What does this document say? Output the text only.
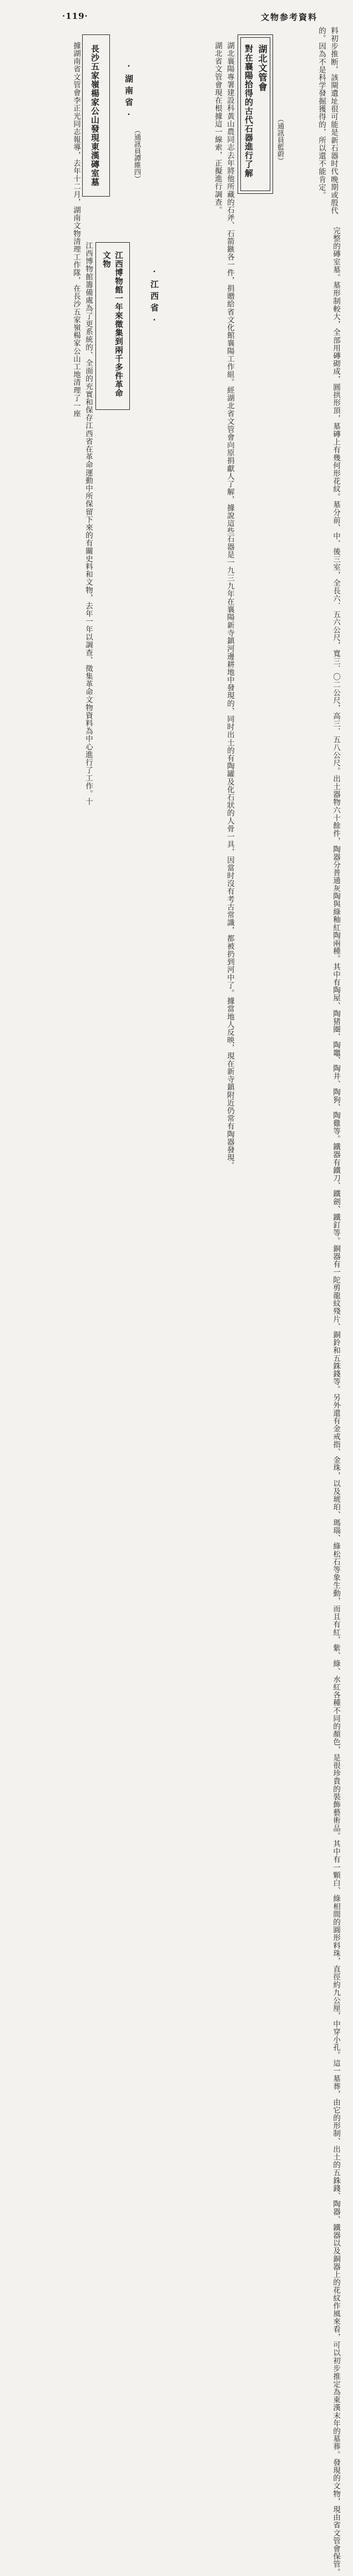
·119·	文物参考資料

料初步推断，該閘遺址很可能是新石器时代晚期或殷代

的。因為不是科学發掘獲得的，所以還不能肯定。

（通訊員藍蔚）
湖北文管會
對在襄陽拾得的古代石器進行了解

湖北襄陽專署建設科黃山農同志去年將他所藏的石斧、石箭鏃各一件，捐贈給省文化館襄陽工作組。經湖北省文管會向原捐獻人了解，據說這些石器是一九三九年在襄陽新寺鎮河邊耕地中發現的，同时出土的有陶罐及化石狀的人骨一具，因當时沒有考古常識，都被扔到河中了。據當地人反映，現在新寺鎮附近仍常有陶器發現。

湖北省文管會現在根據這一線索，正擬進行調查。

（通訊員譚維四）
·湖南省·
長沙五家嶺楊家公山發現東漢磚室墓

據湖南省文管會李正光同志報導，去年十二月，湖南文物清理工作隊，在長沙五家嶺楊家公山工地清理了一座	完整的磚室墓。墓形制較大，全部用磚砌成，圓拱形頂，墓磚上有幾何形花紋。墓分前、中、後三室，全長六．五六公尺，寬三．〇二公尺，高三．五八公尺。出土器物六十餘件，陶器分普通灰陶與綠釉紅陶兩種。其中有陶屋、陶猪圈、陶竈、陶井、陶狗、陶雞等。鐵器有鐵刀、鐵劍、鐵釘等。銅器有一陀剪龍紋殘片、銅鈴和五銖錢等。另外還有金戒指、金珠，以及琥珀、瑪瑙、綠松石等象生動，而且有紅、紫、綠、水紅各種不同的顏色，是很珍貴的裝飾藝術品。其中有一顆白、綠相間的圓形料珠，直徑約九公厘，中穿小孔。這一墓葬，由它的形制、出土的五銖錢、陶器、鐵器以及銅器上的花紋作風來看，可以初步推定為東漢末年的墓葬。發現的文物，現由省文管會保管。

·江西省·
江西博物館一年來徵集到兩千多件革命
文物

江西博物館籌備處為了更系統的、全面的充實和保存江西省在革命運動中所保留下來的有關史料和文物，去年一年以調查、徵集革命文物資料為中心進行了工作。十
